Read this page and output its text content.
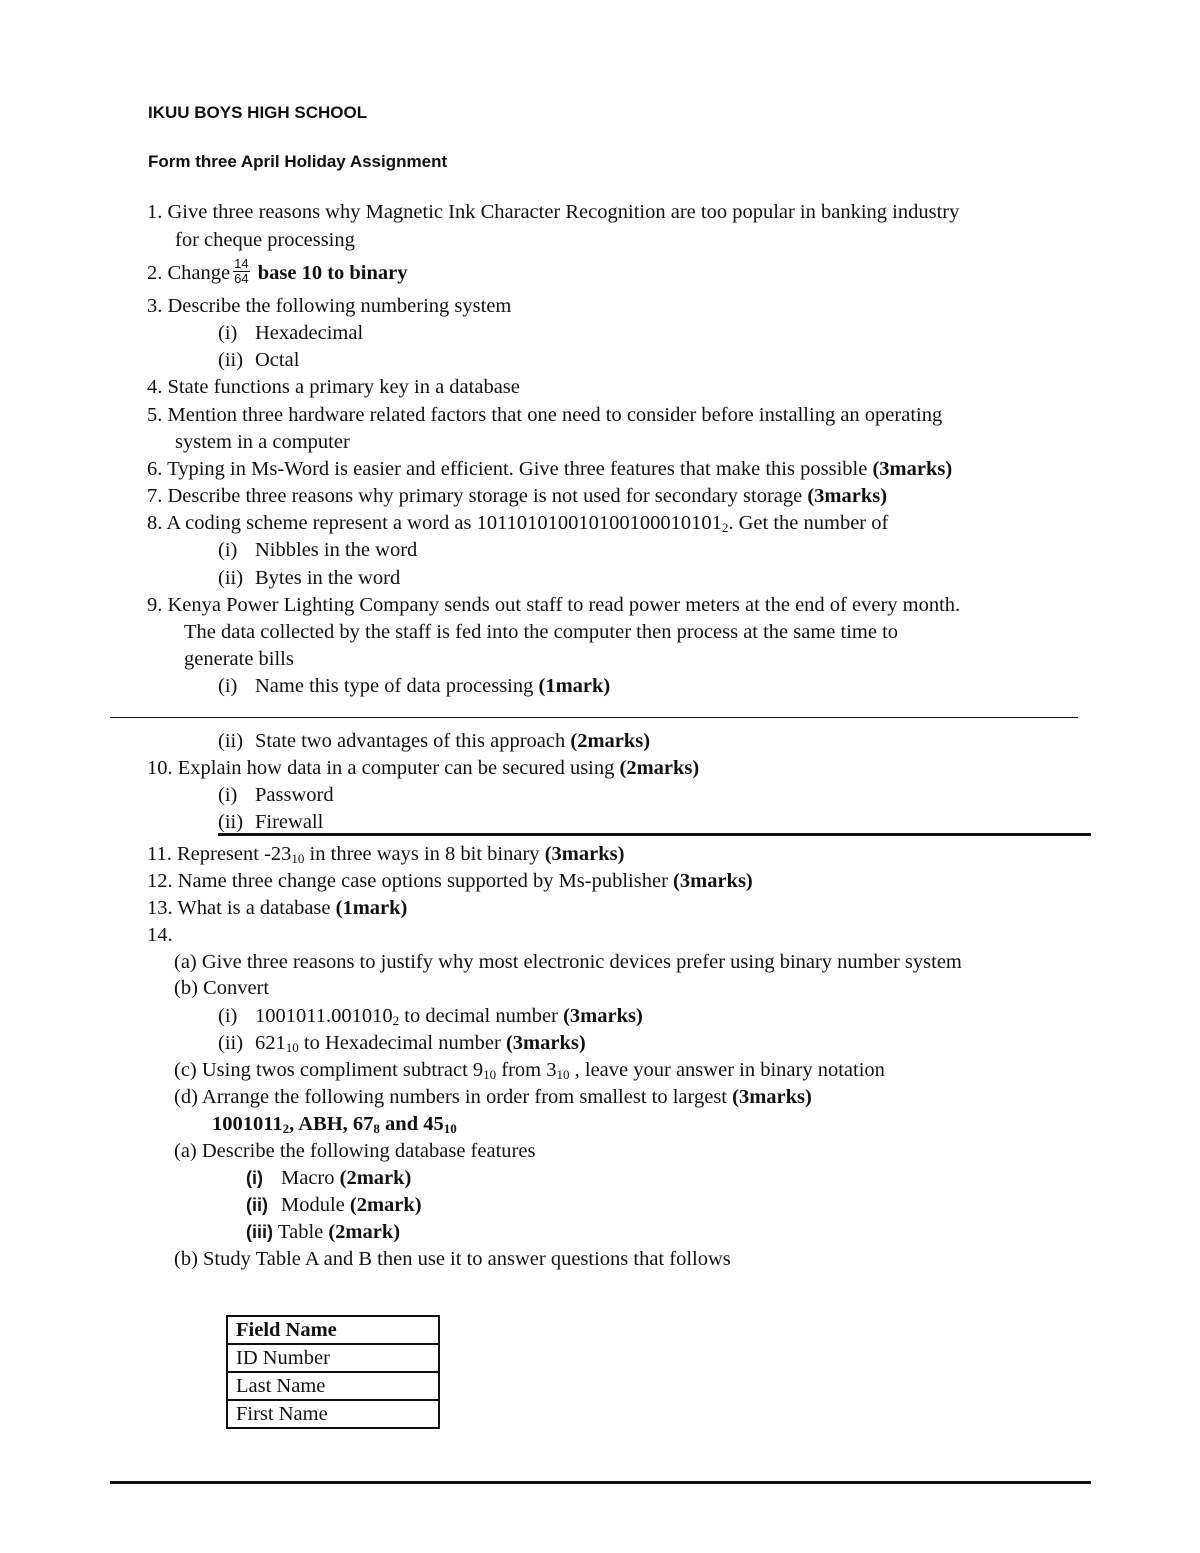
IKUU BOYS HIGH SCHOOL
Form three April Holiday Assignment
1. Give three reasons why Magnetic Ink Character Recognition are too popular in banking industry
for cheque processing
2. Change $\frac{14}{64}$ base 10 to binary
3. Describe the following numbering system
(i) Hexadecimal
(ii) Octal
4. State functions a primary key in a database
5. Mention three hardware related factors that one need to consider before installing an operating
system in a computer
6. Typing in Ms-Word is easier and efficient. Give three features that make this possible (3marks)
7. Describe three reasons why primary storage is not used for secondary storage (3marks)
8. A coding scheme represent a word as $101101010010100100010101_2$. Get the number of
(i) Nibbles in the word
(ii) Bytes in the word
9. Kenya Power Lighting Company sends out staff to read power meters at the end of every month.
The data collected by the staff is fed into the computer then process at the same time to
generate bills
(i) Name this type of data processing (1mark)
(ii) State two advantages of this approach (2marks)
10. Explain how data in a computer can be secured using (2marks)
(i) Password
(ii) Firewall
11. Represent $-23_{10}$ in three ways in 8 bit binary (3marks)
12. Name three change case options supported by Ms-publisher (3marks)
13. What is a database (1mark)
14.
(a) Give three reasons to justify why most electronic devices prefer using binary number system
(b) Convert
(i) $1001011.001010_2$ to decimal number (3marks)
(ii) $621_{10}$ to Hexadecimal number (3marks)
(c) Using twos compliment subtract $9_{10}$ from $3_{10}$ , leave your answer in binary notation
(d) Arrange the following numbers in order from smallest to largest (3marks)
$1001011_2$, ABH, $67_8$ and $45_{10}$
(a) Describe the following database features
(i) Macro (2mark)
(ii) Module (2mark)
(iii) Table (2mark)
(b) Study Table A and B then use it to answer questions that follows
Field Name
ID Number
Last Name
First Name
